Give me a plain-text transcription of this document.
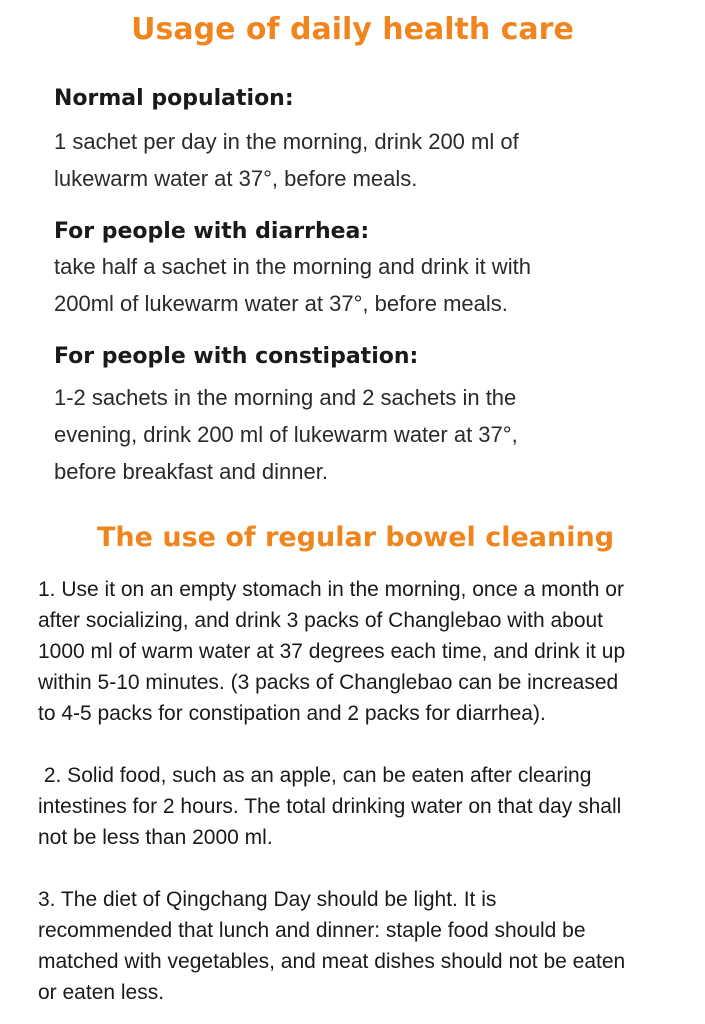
Usage of daily health care

Normal population:

1 sachet per day in the morning, drink 200 ml of
lukewarm water at 37°, before meals.

For people with diarrhea:

take half a sachet in the morning and drink it with
200ml of lukewarm water at 37°, before meals.

For people with constipation:

1-2 sachets in the morning and 2 sachets in the
evening, drink 200 ml of lukewarm water at 37°,
before breakfast and dinner.

The use of regular bowel cleaning

1. Use it on an empty stomach in the morning, once a month or
after socializing, and drink 3 packs of Changlebao with about
1000 ml of warm water at 37 degrees each time, and drink it up
within 5-10 minutes. (3 packs of Changlebao can be increased
to 4-5 packs for constipation and 2 packs for diarrhea).

2. Solid food, such as an apple, can be eaten after clearing
intestines for 2 hours. The total drinking water on that day shall
not be less than 2000 ml.

3. The diet of Qingchang Day should be light. It is
recommended that lunch and dinner: staple food should be
matched with vegetables, and meat dishes should not be eaten
or eaten less.
